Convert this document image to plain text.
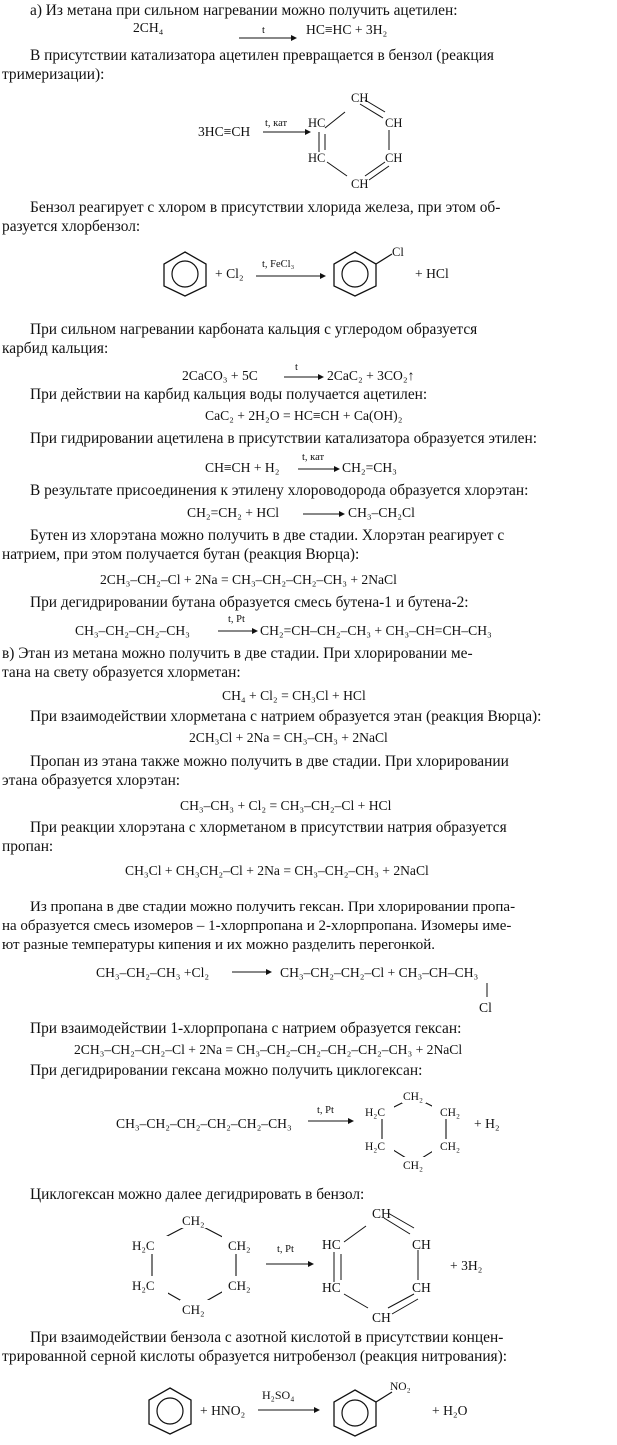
а) Из метана при сильном нагревании можно получить ацетилен:
2CH₄	t	HC≡HC + 3H₂
В присутствии катализатора ацетилен превращается в бензол (реакция
тримеризации):
3HC≡CH
t, кат
CH
HC	CH
HC	CH
CH
Бензол реагирует с хлором в присутствии хлорида железа, при этом об-
разуется хлорбензол:
+ Cl₂
t, FeCl₃
Cl
+ HCl
При сильном нагревании карбоната кальция с углеродом образуется
карбид кальция:
2CaCO₃ + 5C
t
→ 2CaC₂ + 3CO₂↑
При действии на карбид кальция воды получается ацетилен:
CaC₂ + 2H₂O = HC≡CH + Ca(OH)₂
При гидрировании ацетилена в присутствии катализатора образуется этилен:
CH≡CH + H₂
t, кат
→ CH₂=CH₃
В результате присоединения к этилену хлороводорода образуется хлорэтан:
CH₂=CH₂ + HCl → CH₃–CH₂Cl
Бутен из хлорэтана можно получить в две стадии. Хлорэтан реагирует с
натрием, при этом получается бутан (реакция Вюрца):
2CH₃–CH₂–Cl + 2Na = CH₃–CH₂–CH₂–CH₃ + 2NaCl
При дегидрировании бутана образуется смесь бутена-1 и бутена-2:
CH₃–CH₂–CH₂–CH₃
t, Pt
→ CH₂=CH–CH₂–CH₃ + CH₃–CH=CH–CH₃
в) Этан из метана можно получить в две стадии. При хлорировании ме-
тана на свету образуется хлорметан:
CH₄ + Cl₂ = CH₃Cl + HCl
При взаимодействии хлорметана с натрием образуется этан (реакция Вюрца):
2CH₃Cl + 2Na = CH₃–CH₃ + 2NaCl
Пропан из этана также можно получить в две стадии. При хлорировании
этана образуется хлорэтан:
CH₃–CH₃ + Cl₂ = CH₃–CH₂–Cl + HCl
При реакции хлорэтана с хлорметаном в присутствии натрия образуется
пропан:
CH₃Cl + CH₃CH₂–Cl + 2Na = CH₃–CH₂–CH₃ + 2NaCl
Из пропана в две стадии можно получить гексан. При хлорировании пропа-
на образуется смесь изомеров – 1-хлорпропана и 2-хлорпропана. Изомеры име-
ют разные температуры кипения и их можно разделить перегонкой.
CH₃–CH₂–CH₃ +Cl₂ → CH₃–CH₂–CH₂–Cl + CH₃–CH–CH₃
Cl
При взаимодействии 1-хлорпропана с натрием образуется гексан:
2CH₃–CH₂–CH₂–Cl + 2Na = CH₃–CH₂–CH₂–CH₂–CH₂–CH₃ + 2NaCl
При дегидрировании гексана можно получить циклогексан:
CH₃–CH₂–CH₂–CH₂–CH₂–CH₃
t, Pt
CH₂
CH₂
CH₂
CH₂
H₂C
H₂C
+ H₂
Циклогексан можно далее дегидрировать в бензол:
CH₂
CH₂
CH₂
CH₂
H₂C
H₂C
t, Pt
CH
HC	CH
HC	CH
CH
+ 3H₂
При взаимодействии бензола с азотной кислотой в присутствии концен-
трированной серной кислоты образуется нитробензол (реакция нитрования):
+ HNO₂
H₂SO₄
NO₂
+ H₂O
